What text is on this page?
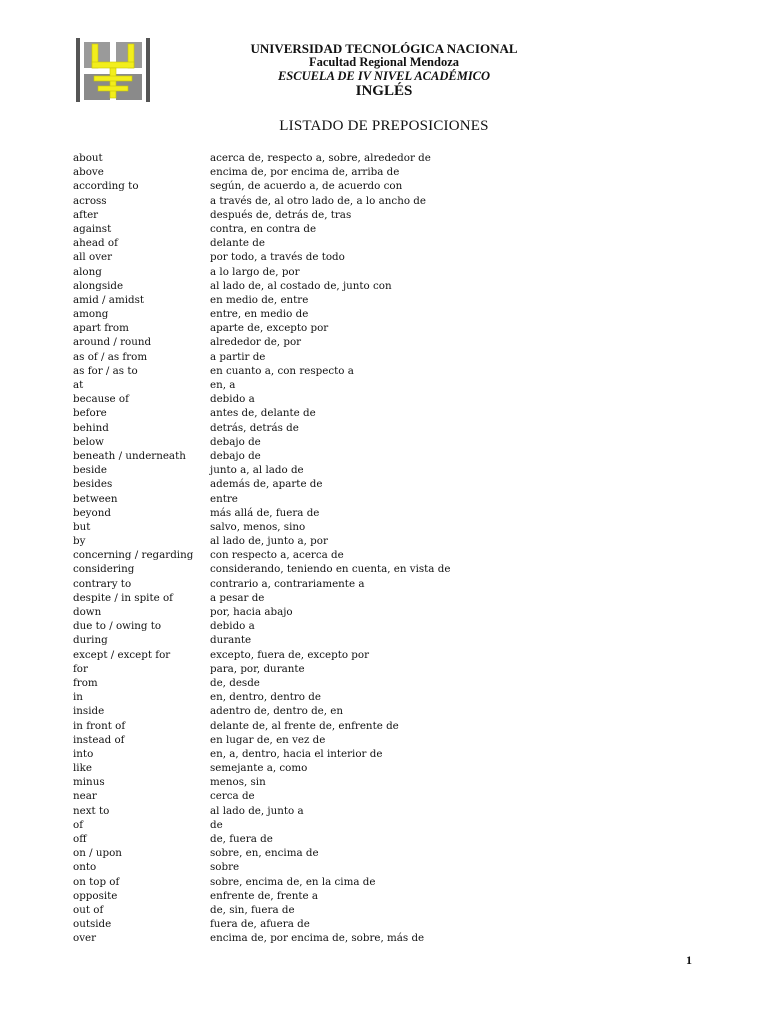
UNIVERSIDAD TECNOLÓGICA NACIONAL
Facultad Regional Mendoza
ESCUELA DE IV NIVEL ACADÉMICO
INGLÉS
LISTADO DE PREPOSICIONES
about	acerca de, respecto a, sobre, alrededor de
above	encima de, por encima de, arriba de
according to	según, de acuerdo a, de acuerdo con
across	a través de, al otro lado de, a lo ancho de
after	después de, detrás de, tras
against	contra, en contra de
ahead of	delante de
all over	por todo, a través de todo
along	a lo largo de, por
alongside	al lado de, al costado de, junto con
amid / amidst	en medio de, entre
among	entre, en medio de
apart from	aparte de, excepto por
around / round	alrededor de, por
as of / as from	a partir de
as for / as to	en cuanto a, con respecto a
at	en, a
because of	debido a
before	antes de, delante de
behind	detrás, detrás de
below	debajo de
beneath / underneath	debajo de
beside	junto a, al lado de
besides	además de, aparte de
between	entre
beyond	más allá de, fuera de
but	salvo, menos, sino
by	al lado de, junto a, por
concerning / regarding	con respecto a, acerca de
considering	considerando, teniendo en cuenta, en vista de
contrary to	contrario a, contrariamente a
despite / in spite of	a pesar de
down	por, hacia abajo
due to / owing to	debido a
during	durante
except / except for	excepto, fuera de, excepto por
for	para, por, durante
from	de, desde
in	en, dentro, dentro de
inside	adentro de, dentro de, en
in front of	delante de, al frente de, enfrente de
instead of	en lugar de, en vez de
into	en, a, dentro, hacia el interior de
like	semejante a, como
minus	menos, sin
near	cerca de
next to	al lado de, junto a
of	de
off	de, fuera de
on / upon	sobre, en, encima de
onto	sobre
on top of	sobre, encima de, en la cima de
opposite	enfrente de, frente a
out of	de, sin, fuera de
outside	fuera de, afuera de
over	encima de, por encima de, sobre, más de
1
